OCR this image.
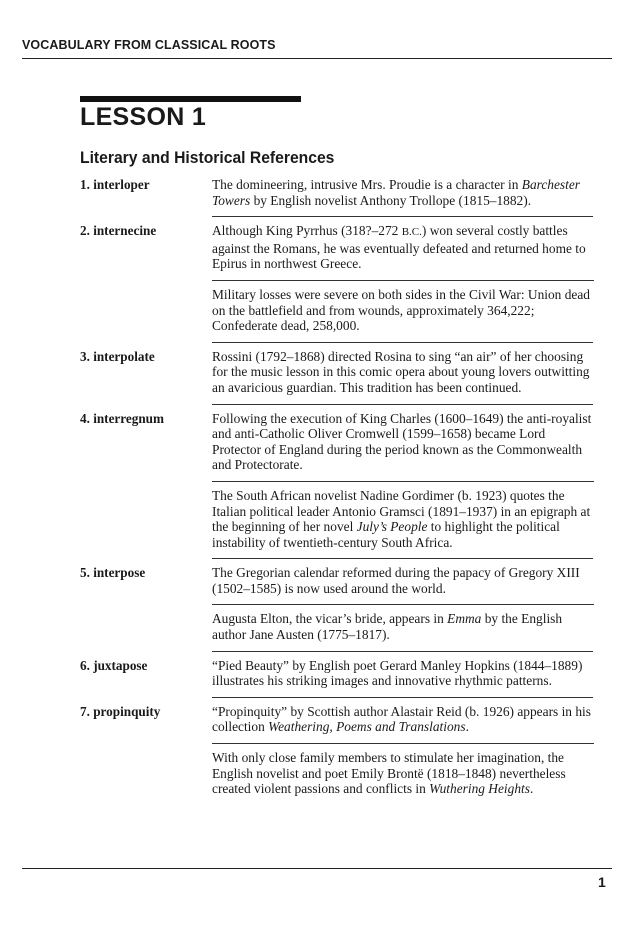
VOCABULARY FROM CLASSICAL ROOTS
LESSON 1
Literary and Historical References
1. interloper	The domineering, intrusive Mrs. Proudie is a character in Barchester Towers by English novelist Anthony Trollope (1815–1882).

2. internecine	Although King Pyrrhus (318?–272 B.C.) won several costly battles against the Romans, he was eventually defeated and returned home to Epirus in northwest Greece.

Military losses were severe on both sides in the Civil War: Union dead on the battlefield and from wounds, approximately 364,222; Confederate dead, 258,000.

3. interpolate	Rossini (1792–1868) directed Rosina to sing “an air” of her choosing for the music lesson in this comic opera about young lovers outwitting an avaricious guardian. This tradition has been continued.

4. interregnum	Following the execution of King Charles (1600–1649) the anti-royalist and anti-Catholic Oliver Cromwell (1599–1658) became Lord Protector of England during the period known as the Commonwealth and Protectorate.

The South African novelist Nadine Gordimer (b. 1923) quotes the Italian political leader Antonio Gramsci (1891–1937) in an epigraph at the beginning of her novel July’s People to highlight the political instability of twentieth-century South Africa.

5. interpose	The Gregorian calendar reformed during the papacy of Gregory XIII (1502–1585) is now used around the world.

Augusta Elton, the vicar’s bride, appears in Emma by the English author Jane Austen (1775–1817).

6. juxtapose	“Pied Beauty” by English poet Gerard Manley Hopkins (1844–1889) illustrates his striking images and innovative rhythmic patterns.

7. propinquity	“Propinquity” by Scottish author Alastair Reid (b. 1926) appears in his collection Weathering, Poems and Translations.

With only close family members to stimulate her imagination, the English novelist and poet Emily Brontë (1818–1848) nevertheless created violent passions and conflicts in Wuthering Heights.

1
